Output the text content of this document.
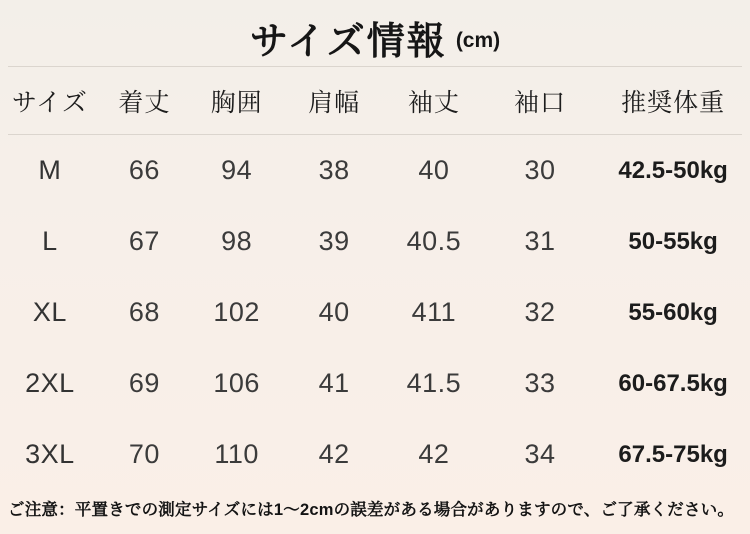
サイズ情報 (cm)
サイズ	着丈	胸囲	肩幅	袖丈	袖口	推奨体重
M	66	94	38	40	30	42.5-50kg
L	67	98	39	40.5	31	50-55kg
XL	68	102	40	411	32	55-60kg
2XL	69	106	41	41.5	33	60-67.5kg
3XL	70	110	42	42	34	67.5-75kg
ご注意：平置きでの測定サイズには1～2cmの誤差がある場合がありますので、ご了承ください。
